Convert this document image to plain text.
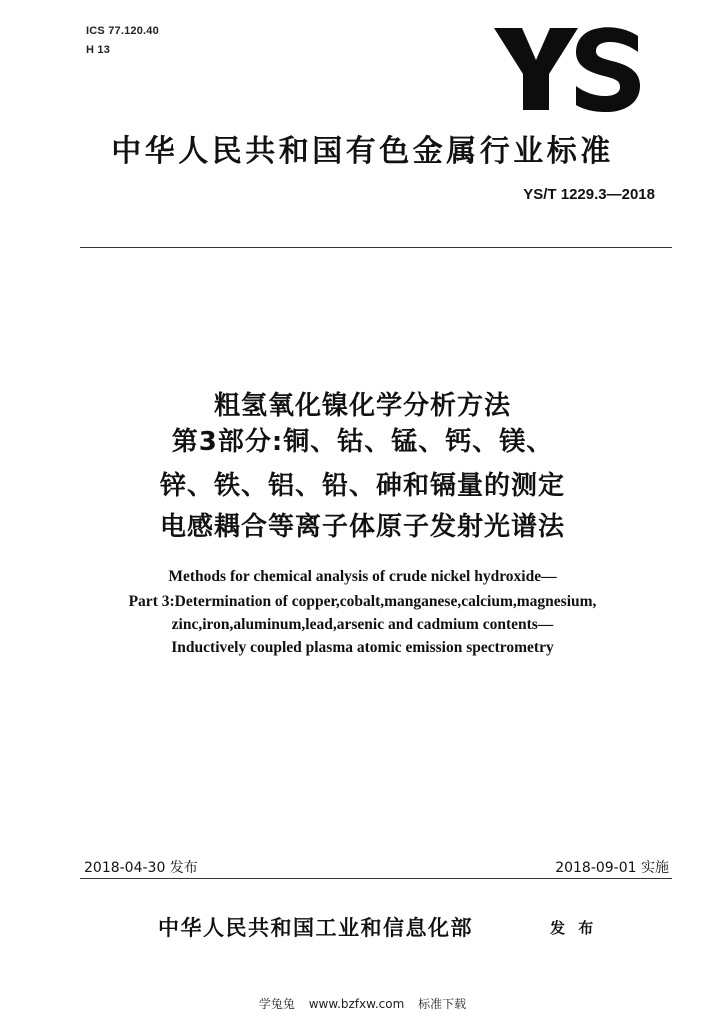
ICS 77.120.40
H 13
中华人民共和国有色金属行业标准
YS/T 1229.3—2018
粗氢氧化镍化学分析方法
第3部分:铜、钴、锰、钙、镁、
锌、铁、铝、铅、砷和镉量的测定
电感耦合等离子体原子发射光谱法
Methods for chemical analysis of crude nickel hydroxide—
Part 3:Determination of copper,cobalt,manganese,calcium,magnesium,
zinc,iron,aluminum,lead,arsenic and cadmium contents—
Inductively coupled plasma atomic emission spectrometry
2018-04-30 发布	2018-09-01 实施
中华人民共和国工业和信息化部	发 布
学兔兔 www.bzfxw.com 标准下载
